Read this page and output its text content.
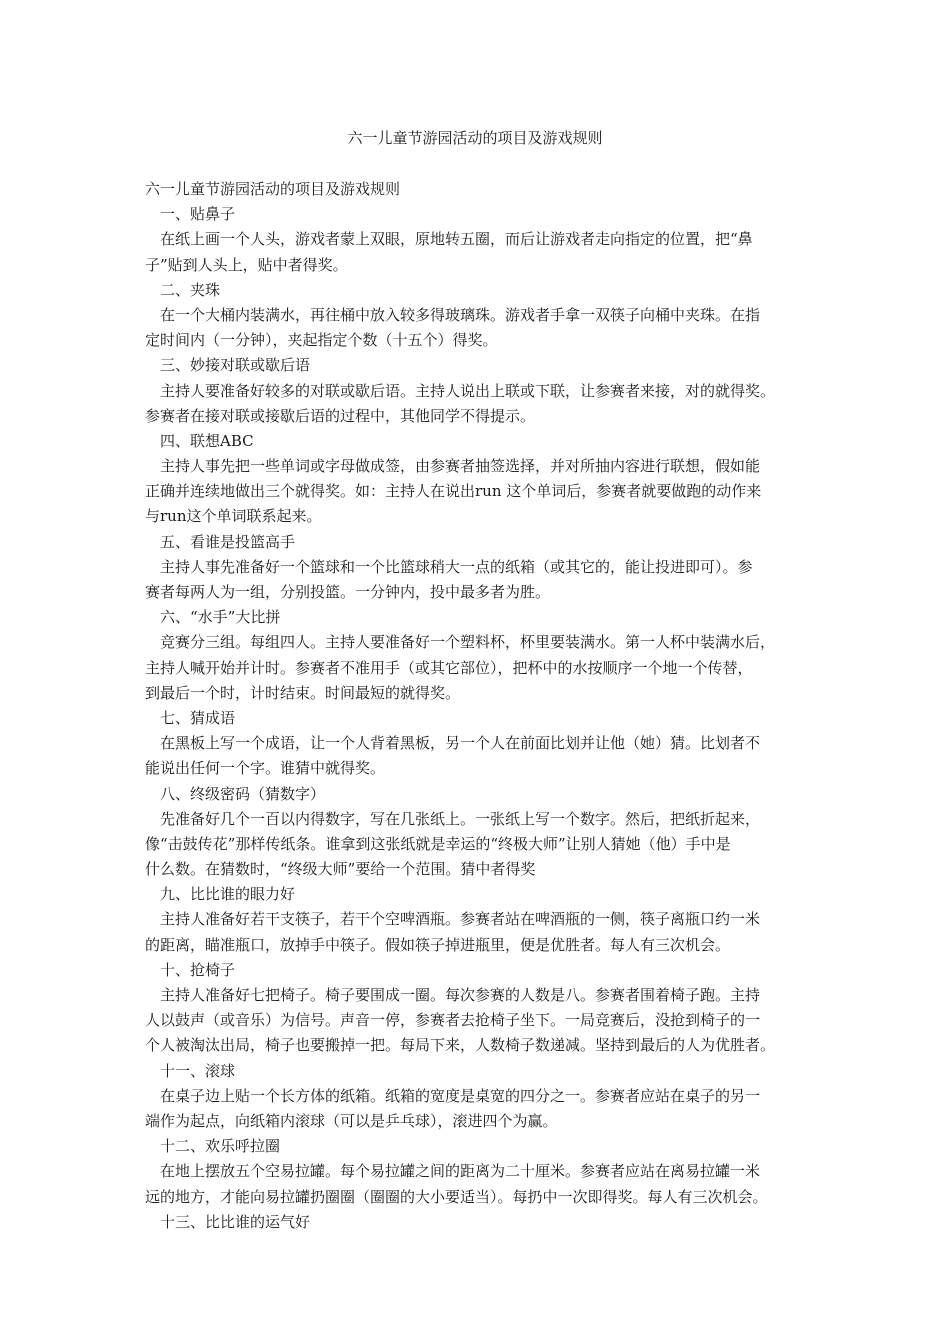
六一儿童节游园活动的项目及游戏规则
六一儿童节游园活动的项目及游戏规则
一、贴鼻子
在纸上画一个人头，游戏者蒙上双眼，原地转五圈，而后让游戏者走向指定的位置，把“鼻
子”贴到人头上，贴中者得奖。
二、夹珠
在一个大桶内装满水，再往桶中放入较多得玻璃珠。游戏者手拿一双筷子向桶中夹珠。在指
定时间内（一分钟），夹起指定个数（十五个）得奖。
三、妙接对联或歇后语
主持人要准备好较多的对联或歇后语。主持人说出上联或下联，让参赛者来接，对的就得奖。
参赛者在接对联或接歇后语的过程中，其他同学不得提示。
四、联想ABC
主持人事先把一些单词或字母做成签，由参赛者抽签选择，并对所抽内容进行联想，假如能
正确并连续地做出三个就得奖。如：主持人在说出run 这个单词后，参赛者就要做跑的动作来
与run这个单词联系起来。
五、看谁是投篮高手
主持人事先准备好一个篮球和一个比篮球稍大一点的纸箱（或其它的，能让投进即可）。参
赛者每两人为一组，分别投篮。一分钟内，投中最多者为胜。
六、“水手”大比拼
竞赛分三组。每组四人。主持人要准备好一个塑料杯，杯里要装满水。第一人杯中装满水后，
主持人喊开始并计时。参赛者不准用手（或其它部位），把杯中的水按顺序一个地一个传替，
到最后一个时，计时结束。时间最短的就得奖。
七、猜成语
在黑板上写一个成语，让一个人背着黑板，另一个人在前面比划并让他（她）猜。比划者不
能说出任何一个字。谁猜中就得奖。
八、终级密码（猜数字）
先准备好几个一百以内得数字，写在几张纸上。一张纸上写一个数字。然后，把纸折起来，
像“击鼓传花”那样传纸条。谁拿到这张纸就是幸运的“终极大师”让别人猜她（他）手中是
什么数。在猜数时，“终级大师”要给一个范围。猜中者得奖
九、比比谁的眼力好
主持人准备好若干支筷子，若干个空啤酒瓶。参赛者站在啤酒瓶的一侧，筷子离瓶口约一米
的距离，瞄准瓶口，放掉手中筷子。假如筷子掉进瓶里，便是优胜者。每人有三次机会。
十、抢椅子
主持人准备好七把椅子。椅子要围成一圈。每次参赛的人数是八。参赛者围着椅子跑。主持
人以鼓声（或音乐）为信号。声音一停，参赛者去抢椅子坐下。一局竞赛后，没抢到椅子的一
个人被淘汰出局，椅子也要搬掉一把。每局下来，人数椅子数递减。坚持到最后的人为优胜者。
十一、滚球
在桌子边上贴一个长方体的纸箱。纸箱的宽度是桌宽的四分之一。参赛者应站在桌子的另一
端作为起点，向纸箱内滚球（可以是乒乓球），滚进四个为赢。
十二、欢乐呼拉圈
在地上摆放五个空易拉罐。每个易拉罐之间的距离为二十厘米。参赛者应站在离易拉罐一米
远的地方，才能向易拉罐扔圈圈（圈圈的大小要适当）。每扔中一次即得奖。每人有三次机会。
十三、比比谁的运气好
